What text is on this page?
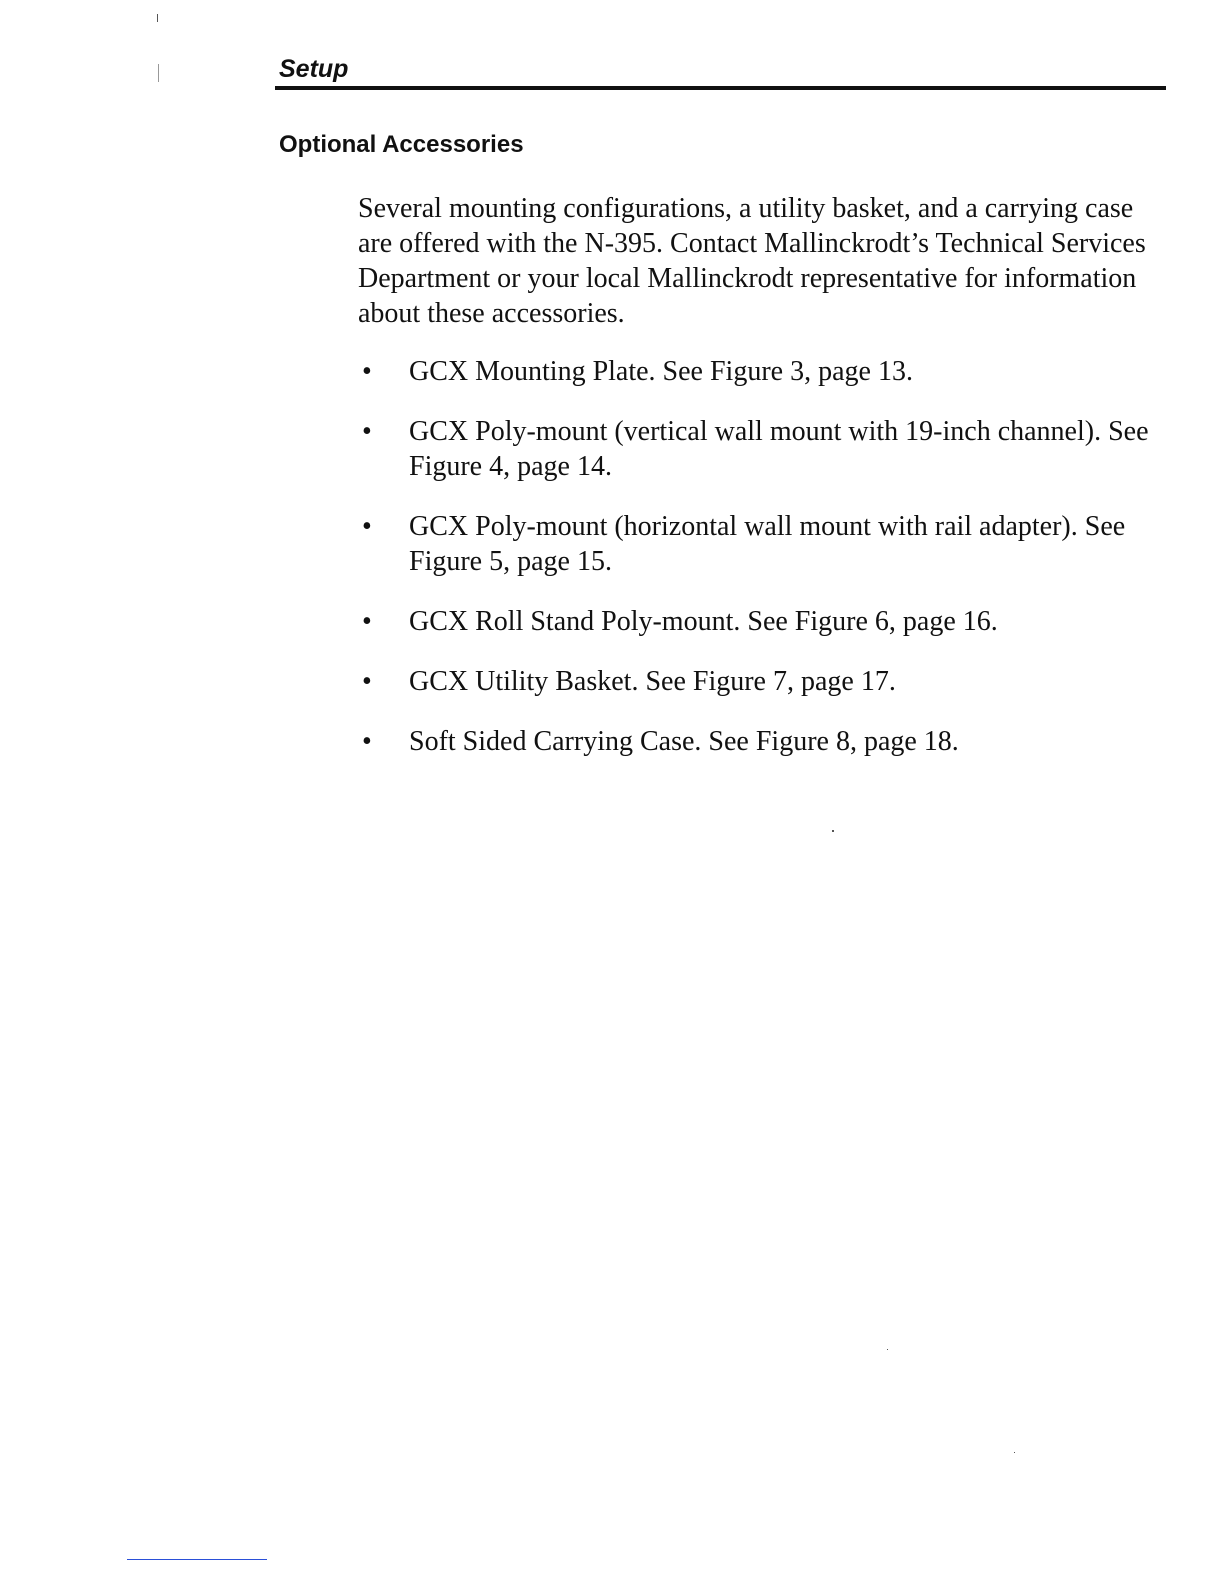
Setup
Optional Accessories

Several mounting configurations, a utility basket, and a carrying case are offered with the N-395. Contact Mallinckrodt’s Technical Services Department or your local Mallinckrodt representative for information about these accessories.

•	GCX Mounting Plate. See Figure 3, page 13.
•	GCX Poly-mount (vertical wall mount with 19-inch channel). See Figure 4, page 14.
•	GCX Poly-mount (horizontal wall mount with rail adapter). See Figure 5, page 15.
•	GCX Roll Stand Poly-mount. See Figure 6, page 16.
•	GCX Utility Basket. See Figure 7, page 17.
•	Soft Sided Carrying Case. See Figure 8, page 18.
